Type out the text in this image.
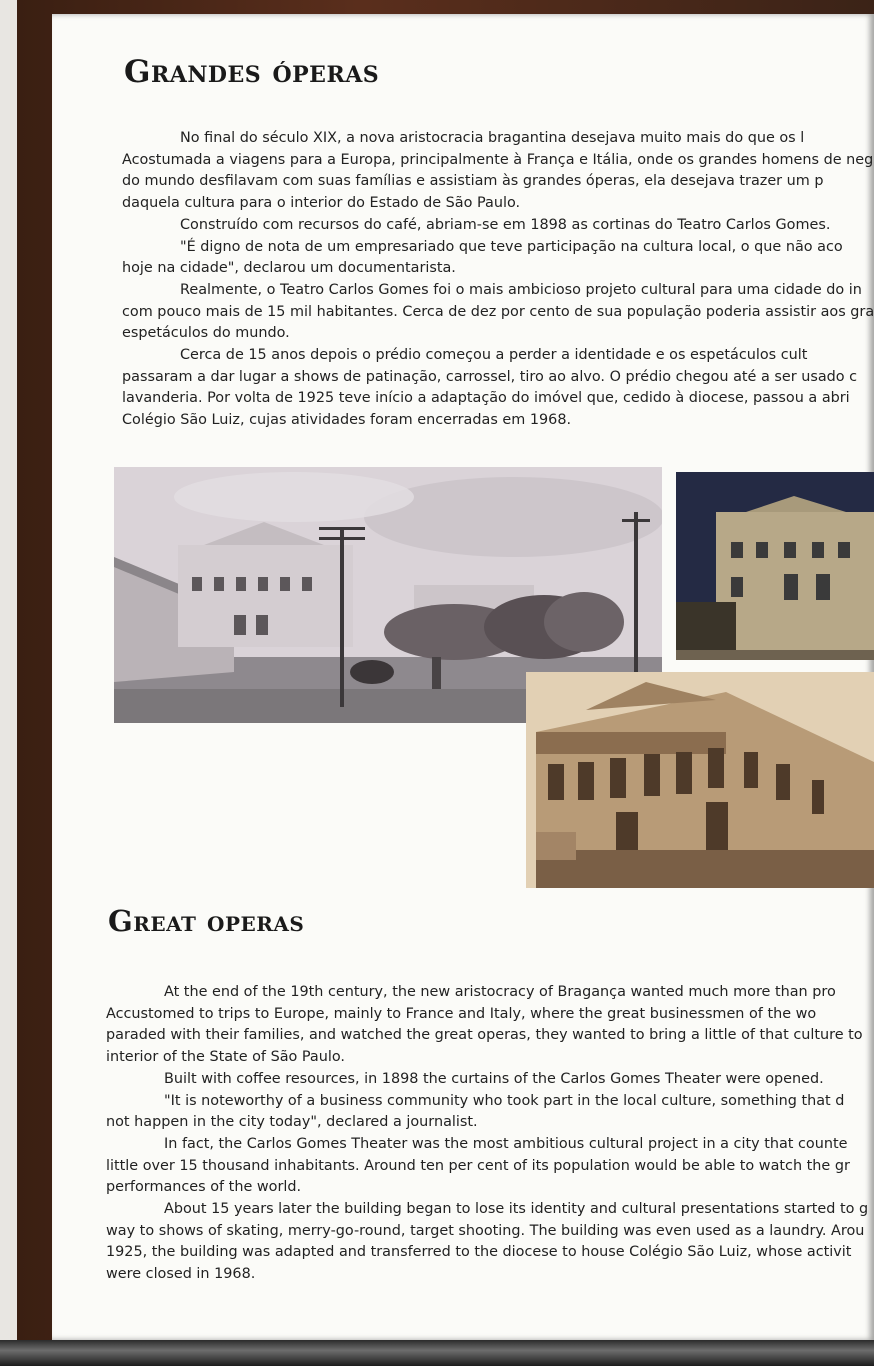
Grandes óperas

No final do século XIX, a nova aristocracia bragantina desejava muito mais do que os l

Acostumada a viagens para a Europa, principalmente à França e Itália, onde os grandes homens de neg

do mundo desfilavam com suas famílias e assistiam às grandes óperas, ela desejava trazer um p

daquela cultura para o interior do Estado de São Paulo.

Construído com recursos do café, abriam-se em 1898 as cortinas do Teatro Carlos Gomes.

"É digno de nota de um empresariado que teve participação na cultura local, o que não aco

hoje na cidade", declarou um documentarista.

Realmente, o Teatro Carlos Gomes foi o mais ambicioso projeto cultural para uma cidade do in

com pouco mais de 15 mil habitantes. Cerca de dez por cento de sua população poderia assistir aos gra

espetáculos do mundo.

Cerca de 15 anos depois o prédio começou a perder a identidade e os espetáculos cult

passaram a dar lugar a shows de patinação, carrossel, tiro ao alvo. O prédio chegou até a ser usado c

lavanderia. Por volta de 1925 teve início a adaptação do imóvel que, cedido à diocese, passou a abri

Colégio São Luiz, cujas atividades foram encerradas em 1968.

Great operas

At the end of the 19th century, the new aristocracy of Bragança wanted much more than pro

Accustomed to trips to Europe, mainly to France and Italy, where the great businessmen of the wo

paraded with their families, and watched the great operas, they wanted to bring a little of that culture to

interior of the State of São Paulo.

Built with coffee resources, in 1898 the curtains of the Carlos Gomes Theater were opened.

"It is noteworthy of a business community who took part in the local culture, something that d

not happen in the city today", declared a journalist.

In fact, the Carlos Gomes Theater was the most ambitious cultural project in a city that counte

little over 15 thousand inhabitants. Around ten per cent of its population would be able to watch the gr

performances of the world.

About 15 years later the building began to lose its identity and cultural presentations started to g

way to shows of skating, merry-go-round, target shooting. The building was even used as a laundry. Arou

1925, the building was adapted and transferred to the diocese to house Colégio São Luiz, whose activit

were closed in 1968.
